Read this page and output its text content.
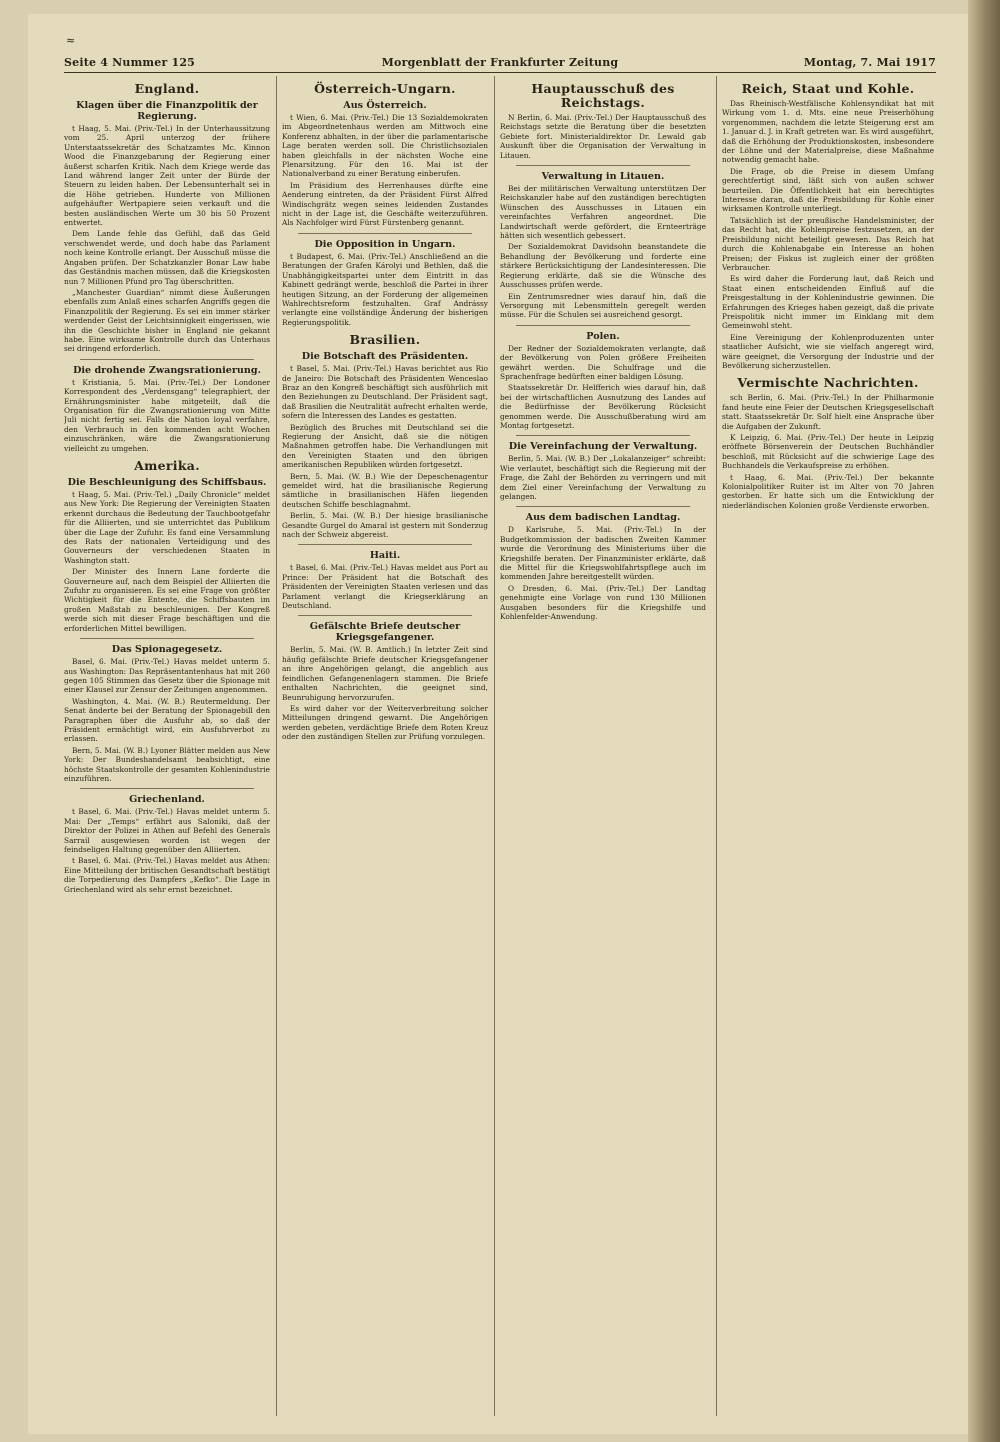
≈
Seite 4 Nummer 125	Morgenblatt der Frankfurter Zeitung	Montag, 7. Mai 1917
England.
Klagen über die Finanzpolitik der Regierung.

t Haag, 5. Mai. (Priv.-Tel.) In der Unterhaussitzung vom 25. April unterzog der frühere Unterstaatssekretär des Schatzamtes Mc. Kinnon Wood die Finanzgebarung der Regierung einer äußerst scharfen Kritik. Nach dem Kriege werde das Land während langer Zeit unter der Bürde der Steuern zu leiden haben. Der Lebensunterhalt sei in die Höhe getrieben. Hunderte von Millionen aufgehäufter Wertpapiere seien verkauft und die besten ausländischen Werte um 30 bis 50 Prozent entwertet.

Dem Lande fehle das Gefühl, daß das Geld verschwendet werde, und doch habe das Parlament noch keine Kontrolle erlangt. Der Ausschuß müsse die Angaben prüfen. Der Schatzkanzler Bonar Law habe das Geständnis machen müssen, daß die Kriegskosten nun 7 Millionen Pfund pro Tag überschritten.

„Manchester Guardian“ nimmt diese Äußerungen ebenfalls zum Anlaß eines scharfen Angriffs gegen die Finanzpolitik der Regierung. Es sei ein immer stärker werdender Geist der Leichtsinnigkeit eingerissen, wie ihn die Geschichte bisher in England nie gekannt habe. Eine wirksame Kontrolle durch das Unterhaus sei dringend erforderlich.

Die drohende Zwangsrationierung.

t Kristiania, 5. Mai. (Priv.-Tel.) Der Londoner Korrespondent des „Verdensgang“ telegraphiert, der Ernährungsminister habe mitgeteilt, daß die Organisation für die Zwangsrationierung von Mitte Juli nicht fertig sei. Falls die Nation loyal verfahre, den Verbrauch in den kommenden acht Wochen einzuschränken, wäre die Zwangsrationierung vielleicht zu umgehen.

Amerika.
Die Beschleunigung des Schiffsbaus.

t Haag, 5. Mai. (Priv.-Tel.) „Daily Chronicle“ meldet aus New York: Die Regierung der Vereinigten Staaten erkennt durchaus die Bedeutung der Tauchbootgefahr für die Alliierten, und sie unterrichtet das Publikum über die Lage der Zufuhr. Es fand eine Versammlung des Rats der nationalen Verteidigung und des Gouverneurs der verschiedenen Staaten in Washington statt.

Der Minister des Innern Lane forderte die Gouverneure auf, nach dem Beispiel der Alliierten die Zufuhr zu organisieren. Es sei eine Frage von größter Wichtigkeit für die Entente, die Schiffsbauten im großen Maßstab zu beschleunigen. Der Kongreß werde sich mit dieser Frage beschäftigen und die erforderlichen Mittel bewilligen.

Das Spionagegesetz.

Basel, 6. Mai. (Priv.-Tel.) Havas meldet unterm 5. aus Washington: Das Repräsentantenhaus hat mit 260 gegen 105 Stimmen das Gesetz über die Spionage mit einer Klausel zur Zensur der Zeitungen angenommen.

Washington, 4. Mai. (W. B.) Reutermeldung. Der Senat änderte bei der Beratung der Spionagebill den Paragraphen über die Ausfuhr ab, so daß der Präsident ermächtigt wird, ein Ausfuhrverbot zu erlassen.

Bern, 5. Mai. (W. B.) Lyoner Blätter melden aus New York: Der Bundeshandelsamt beabsichtigt, eine höchste Staatskontrolle der gesamten Kohlenindustrie einzuführen.

Griechenland.

t Basel, 6. Mai. (Priv.-Tel.) Havas meldet unterm 5. Mai: Der „Temps“ erfährt aus Saloniki, daß der Direktor der Polizei in Athen auf Befehl des Generals Sarrail ausgewiesen worden ist wegen der feindseligen Haltung gegenüber den Alliierten.

t Basel, 6. Mai. (Priv.-Tel.) Havas meldet aus Athen: Eine Mitteilung der britischen Gesandtschaft bestätigt die Torpedierung des Dampfers „Kefko“. Die Lage in Griechenland wird als sehr ernst bezeichnet.

Österreich-Ungarn.
Aus Österreich.

t Wien, 6. Mai. (Priv.-Tel.) Die 13 Sozialdemokraten im Abgeordnetenhaus werden am Mittwoch eine Konferenz abhalten, in der über die parlamentarische Lage beraten werden soll. Die Christlichsozialen haben gleichfalls in der nächsten Woche eine Plenarsitzung. Für den 16. Mai ist der Nationalverband zu einer Beratung einberufen.

Im Präsidium des Herrenhauses dürfte eine Aenderung eintreten, da der Präsident Fürst Alfred Windischgrätz wegen seines leidenden Zustandes nicht in der Lage ist, die Geschäfte weiterzuführen. Als Nachfolger wird Fürst Fürstenberg genannt.

Die Opposition in Ungarn.

t Budapest, 6. Mai. (Priv.-Tel.) Anschließend an die Beratungen der Grafen Károlyi und Bethlen, daß die Unabhängigkeitspartei unter dem Eintritt in das Kabinett gedrängt werde, beschloß die Partei in ihrer heutigen Sitzung, an der Forderung der allgemeinen Wahlrechtsreform festzuhalten. Graf Andrássy verlangte eine vollständige Änderung der bisherigen Regierungspolitik.

Brasilien.
Die Botschaft des Präsidenten.

t Basel, 5. Mai. (Priv.-Tel.) Havas berichtet aus Rio de Janeiro: Die Botschaft des Präsidenten Wenceslao Braz an den Kongreß beschäftigt sich ausführlich mit den Beziehungen zu Deutschland. Der Präsident sagt, daß Brasilien die Neutralität aufrecht erhalten werde, sofern die Interessen des Landes es gestatten.

Bezüglich des Bruches mit Deutschland sei die Regierung der Ansicht, daß sie die nötigen Maßnahmen getroffen habe. Die Verhandlungen mit den Vereinigten Staaten und den übrigen amerikanischen Republiken würden fortgesetzt.

Bern, 5. Mai. (W. B.) Wie der Depeschenagentur gemeldet wird, hat die brasilianische Regierung sämtliche in brasilianischen Häfen liegenden deutschen Schiffe beschlagnahmt.

Berlin, 5. Mai. (W. B.) Der hiesige brasilianische Gesandte Gurgel do Amaral ist gestern mit Sonderzug nach der Schweiz abgereist.

Haiti.

t Basel, 6. Mai. (Priv.-Tel.) Havas meldet aus Port au Prince: Der Präsident hat die Botschaft des Präsidenten der Vereinigten Staaten verlesen und das Parlament verlangt die Kriegserklärung an Deutschland.

Gefälschte Briefe deutscher Kriegsgefangener.

Berlin, 5. Mai. (W. B. Amtlich.) In letzter Zeit sind häufig gefälschte Briefe deutscher Kriegsgefangener an ihre Angehörigen gelangt, die angeblich aus feindlichen Gefangenenlagern stammen. Die Briefe enthalten Nachrichten, die geeignet sind, Beunruhigung hervorzurufen.

Es wird daher vor der Weiterverbreitung solcher Mitteilungen dringend gewarnt. Die Angehörigen werden gebeten, verdächtige Briefe dem Roten Kreuz oder den zuständigen Stellen zur Prüfung vorzulegen.

Hauptausschuß des Reichstags.

N Berlin, 6. Mai. (Priv.-Tel.) Der Hauptausschuß des Reichstags setzte die Beratung über die besetzten Gebiete fort. Ministerialdirektor Dr. Lewald gab Auskunft über die Organisation der Verwaltung in Litauen.

Verwaltung in Litauen.

Bei der militärischen Verwaltung unterstützen Der Reichskanzler habe auf den zuständigen berechtigten Wünschen des Ausschusses in Litauen ein vereinfachtes Verfahren angeordnet. Die Landwirtschaft werde gefördert, die Ernteerträge hätten sich wesentlich gebessert.

Der Sozialdemokrat Davidsohn beanstandete die Behandlung der Bevölkerung und forderte eine stärkere Berücksichtigung der Landesinteressen. Die Regierung erklärte, daß sie die Wünsche des Ausschusses prüfen werde.

Ein Zentrumsredner wies darauf hin, daß die Versorgung mit Lebensmitteln geregelt werden müsse. Für die Schulen sei ausreichend gesorgt.

Polen.

Der Redner der Sozialdemokraten verlangte, daß der Bevölkerung von Polen größere Freiheiten gewährt werden. Die Schulfrage und die Sprachenfrage bedürften einer baldigen Lösung.

Staatssekretär Dr. Helfferich wies darauf hin, daß bei der wirtschaftlichen Ausnutzung des Landes auf die Bedürfnisse der Bevölkerung Rücksicht genommen werde. Die Ausschußberatung wird am Montag fortgesetzt.

Die Vereinfachung der Verwaltung.

Berlin, 5. Mai. (W. B.) Der „Lokalanzeiger“ schreibt: Wie verlautet, beschäftigt sich die Regierung mit der Frage, die Zahl der Behörden zu verringern und mit dem Ziel einer Vereinfachung der Verwaltung zu gelangen.

Aus dem badischen Landtag.

D Karlsruhe, 5. Mai. (Priv.-Tel.) In der Budgetkommission der badischen Zweiten Kammer wurde die Verordnung des Ministeriums über die Kriegshilfe beraten. Der Finanzminister erklärte, daß die Mittel für die Kriegswohlfahrtspflege auch im kommenden Jahre bereitgestellt würden.

O Dresden, 6. Mai. (Priv.-Tel.) Der Landtag genehmigte eine Vorlage von rund 130 Millionen Ausgaben besonders für die Kriegshilfe und Kohlenfelder-Anwendung.

Reich, Staat und Kohle.

Das Rheinisch-Westfälische Kohlensyndikat hat mit Wirkung vom 1. d. Mts. eine neue Preiserhöhung vorgenommen, nachdem die letzte Steigerung erst am 1. Januar d. J. in Kraft getreten war. Es wird ausgeführt, daß die Erhöhung der Produktionskosten, insbesondere der Löhne und der Materialpreise, diese Maßnahme notwendig gemacht habe.

Die Frage, ob die Preise in diesem Umfang gerechtfertigt sind, läßt sich von außen schwer beurteilen. Die Öffentlichkeit hat ein berechtigtes Interesse daran, daß die Preisbildung für Kohle einer wirksamen Kontrolle unterliegt.

Tatsächlich ist der preußische Handelsminister, der das Recht hat, die Kohlenpreise festzusetzen, an der Preisbildung nicht beteiligt gewesen. Das Reich hat durch die Kohlenabgabe ein Interesse an hohen Preisen; der Fiskus ist zugleich einer der größten Verbraucher.

Es wird daher die Forderung laut, daß Reich und Staat einen entscheidenden Einfluß auf die Preisgestaltung in der Kohlenindustrie gewinnen. Die Erfahrungen des Krieges haben gezeigt, daß die private Preispolitik nicht immer im Einklang mit dem Gemeinwohl steht.

Eine Vereinigung der Kohlenproduzenten unter staatlicher Aufsicht, wie sie vielfach angeregt wird, wäre geeignet, die Versorgung der Industrie und der Bevölkerung sicherzustellen.

Vermischte Nachrichten.

sch Berlin, 6. Mai. (Priv.-Tel.) In der Philharmonie fand heute eine Feier der Deutschen Kriegsgesellschaft statt. Staatssekretär Dr. Solf hielt eine Ansprache über die Aufgaben der Zukunft.

K Leipzig, 6. Mai. (Priv.-Tel.) Der heute in Leipzig eröffnete Börsenverein der Deutschen Buchhändler beschloß, mit Rücksicht auf die schwierige Lage des Buchhandels die Verkaufspreise zu erhöhen.

t Haag, 6. Mai. (Priv.-Tel.) Der bekannte Kolonialpolitiker Ruiter ist im Alter von 70 Jahren gestorben. Er hatte sich um die Entwicklung der niederländischen Kolonien große Verdienste erworben.
